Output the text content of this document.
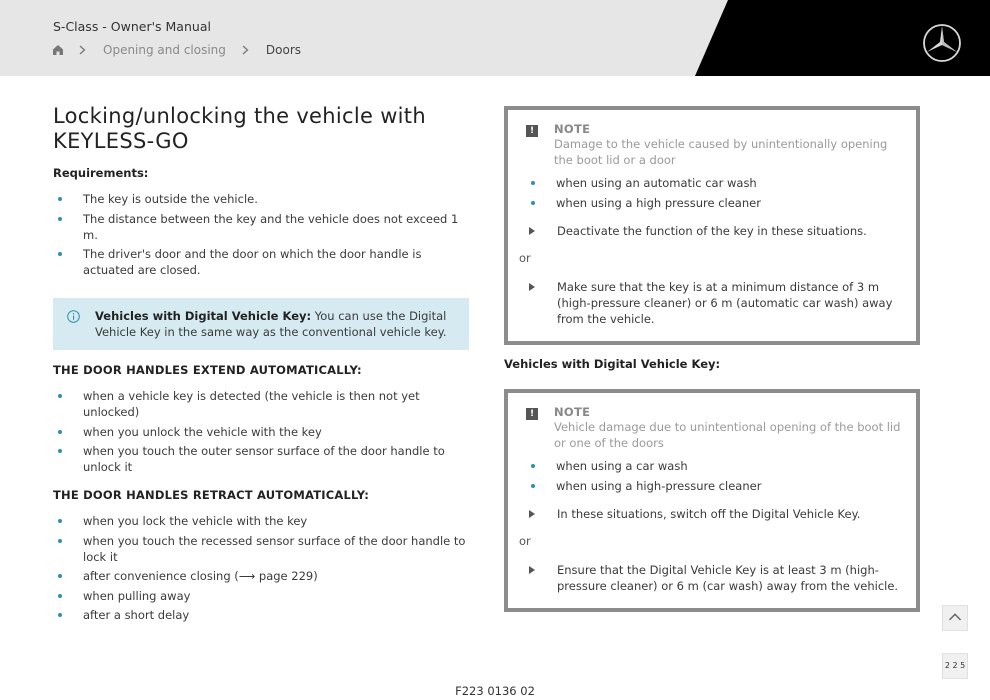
S-Class - Owner's Manual
Opening and closing	Doors
Locking/unlocking the vehicle with KEYLESS-GO
Requirements:
The key is outside the vehicle.
The distance between the key and the vehicle does not exceed 1 m.
The driver's door and the door on which the door handle is actuated are closed.
Vehicles with Digital Vehicle Key: You can use the Digital Vehicle Key in the same way as the conventional vehicle key.
THE DOOR HANDLES EXTEND AUTOMATICALLY:
when a vehicle key is detected (the vehicle is then not yet unlocked)
when you unlock the vehicle with the key
when you touch the outer sensor surface of the door handle to unlock it
THE DOOR HANDLES RETRACT AUTOMATICALLY:
when you lock the vehicle with the key
when you touch the recessed sensor surface of the door handle to lock it
after convenience closing (⟶ page 229)
when pulling away
after a short delay
!	NOTE
Damage to the vehicle caused by unintentionally opening the boot lid or a door
when using an automatic car wash
when using a high pressure cleaner
Deactivate the function of the key in these situations.
or
Make sure that the key is at a minimum distance of 3 m (high-pressure cleaner) or 6 m (automatic car wash) away from the vehicle.
Vehicles with Digital Vehicle Key:
!	NOTE
Vehicle damage due to unintentional opening of the boot lid or one of the doors
when using a car wash
when using a high-pressure cleaner
In these situations, switch off the Digital Vehicle Key.
or
Ensure that the Digital Vehicle Key is at least 3 m (high-pressure cleaner) or 6 m (car wash) away from the vehicle.
F223 0136 02
2 2 5
